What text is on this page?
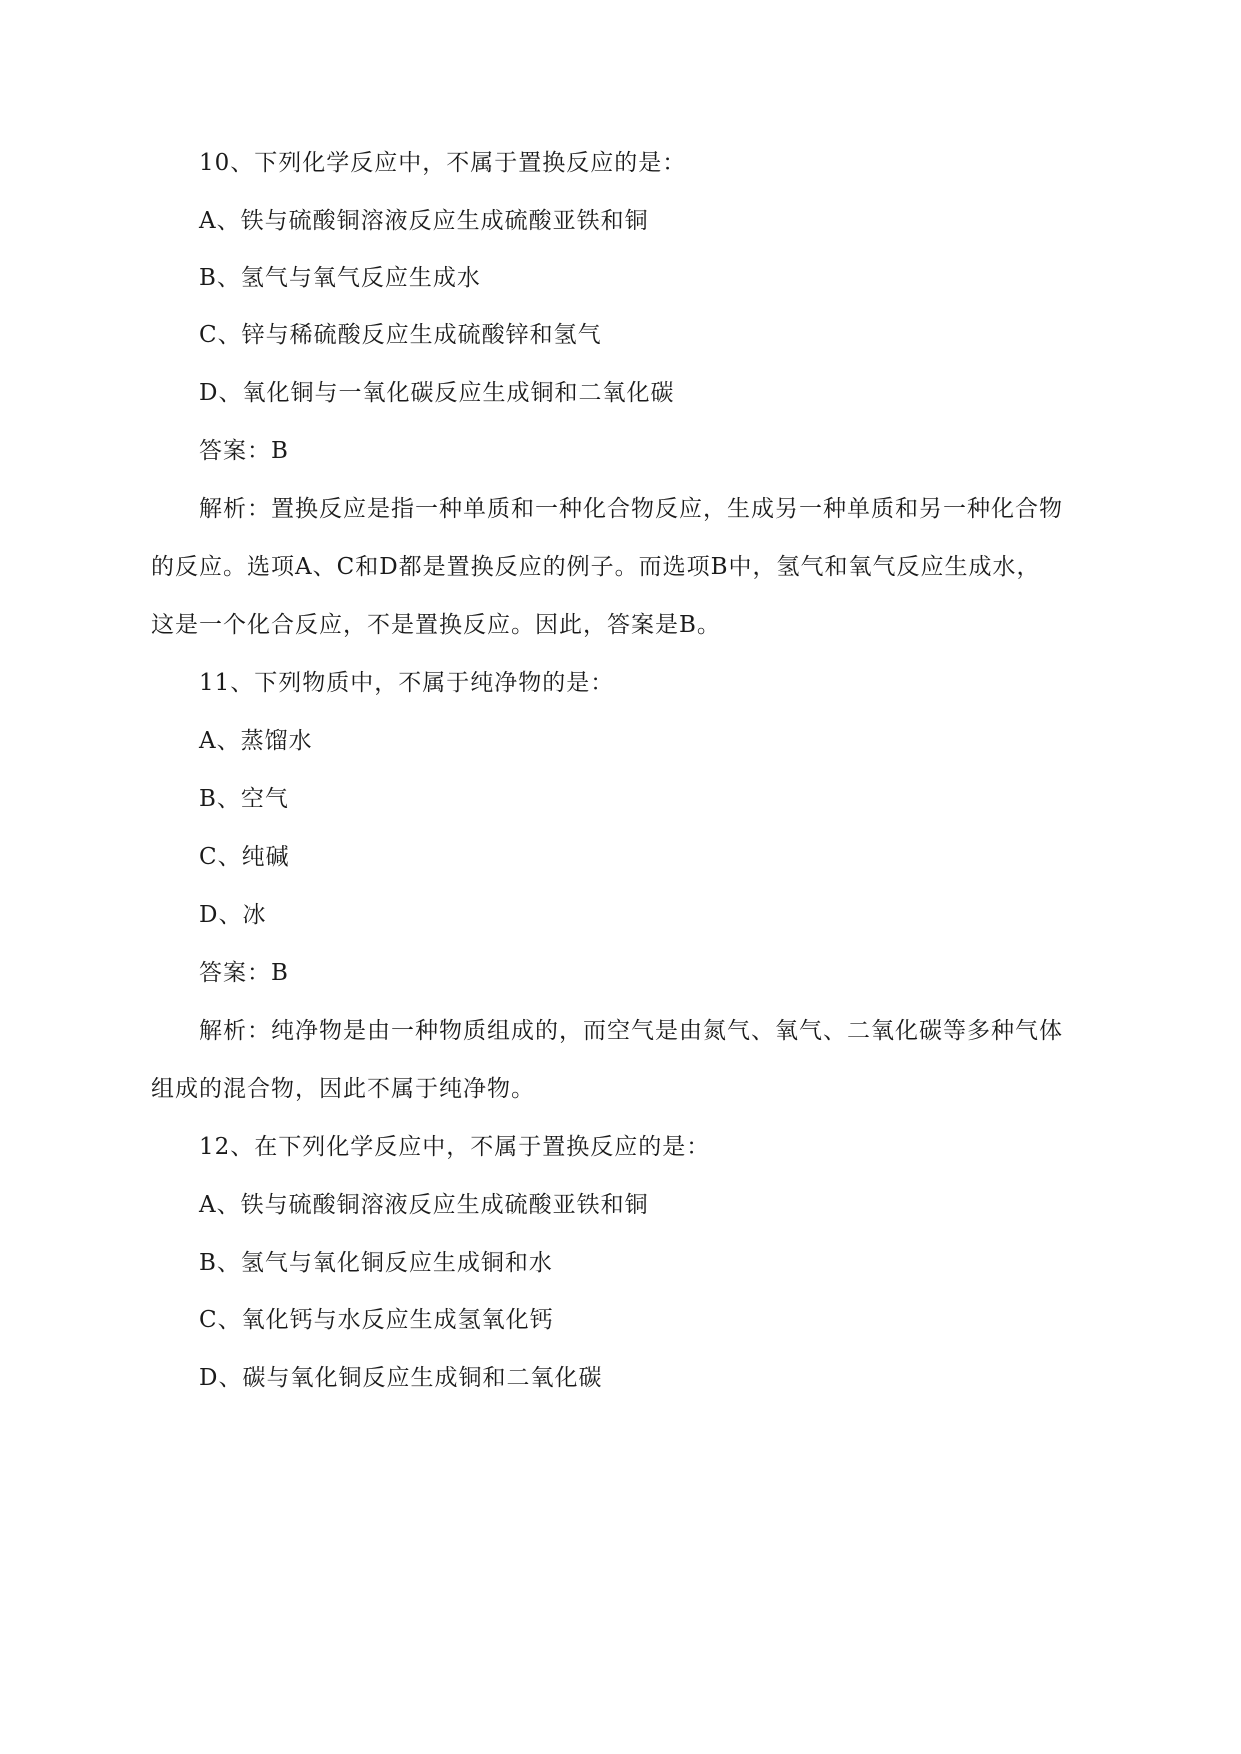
10、下列化学反应中，不属于置换反应的是：
A、铁与硫酸铜溶液反应生成硫酸亚铁和铜
B、氢气与氧气反应生成水
C、锌与稀硫酸反应生成硫酸锌和氢气
D、氧化铜与一氧化碳反应生成铜和二氧化碳
答案：B
解析：置换反应是指一种单质和一种化合物反应，生成另一种单质和另一种化合物
的反应。选项A、C和D都是置换反应的例子。而选项B中，氢气和氧气反应生成水，
这是一个化合反应，不是置换反应。因此，答案是B。
11、下列物质中，不属于纯净物的是：
A、蒸馏水
B、空气
C、纯碱
D、冰
答案：B
解析：纯净物是由一种物质组成的，而空气是由氮气、氧气、二氧化碳等多种气体
组成的混合物，因此不属于纯净物。
12、在下列化学反应中，不属于置换反应的是：
A、铁与硫酸铜溶液反应生成硫酸亚铁和铜
B、氢气与氧化铜反应生成铜和水
C、氧化钙与水反应生成氢氧化钙
D、碳与氧化铜反应生成铜和二氧化碳
